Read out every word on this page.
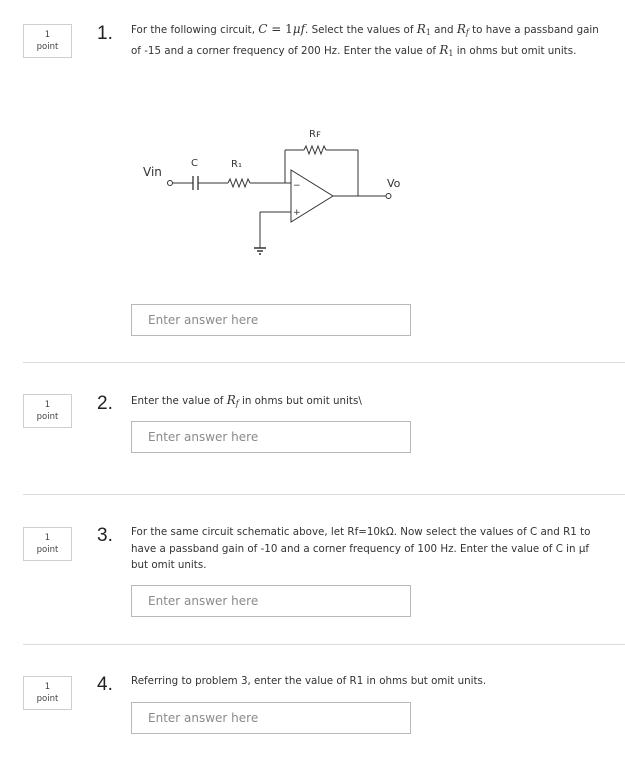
1
point
1. For the following circuit, C = 1μf. Select the values of $R_1$ and $R_f$ to have a passband gain of -15 and a corner frequency of 200 Hz. Enter the value of $R_1$ in ohms but omit units.
Vin
C	R₁
Rꜰ
−
+
Vo
Enter answer here
1
point
2. Enter the value of $R_f$ in ohms but omit units\
Enter answer here
1
point
3. For the same circuit schematic above, let Rf=10kΩ. Now select the values of C and R1 to have a passband gain of -10 and a corner frequency of 100 Hz. Enter the value of C in μf but omit units.
Enter answer here
1
point
4. Referring to problem 3, enter the value of R1 in ohms but omit units.
Enter answer here
